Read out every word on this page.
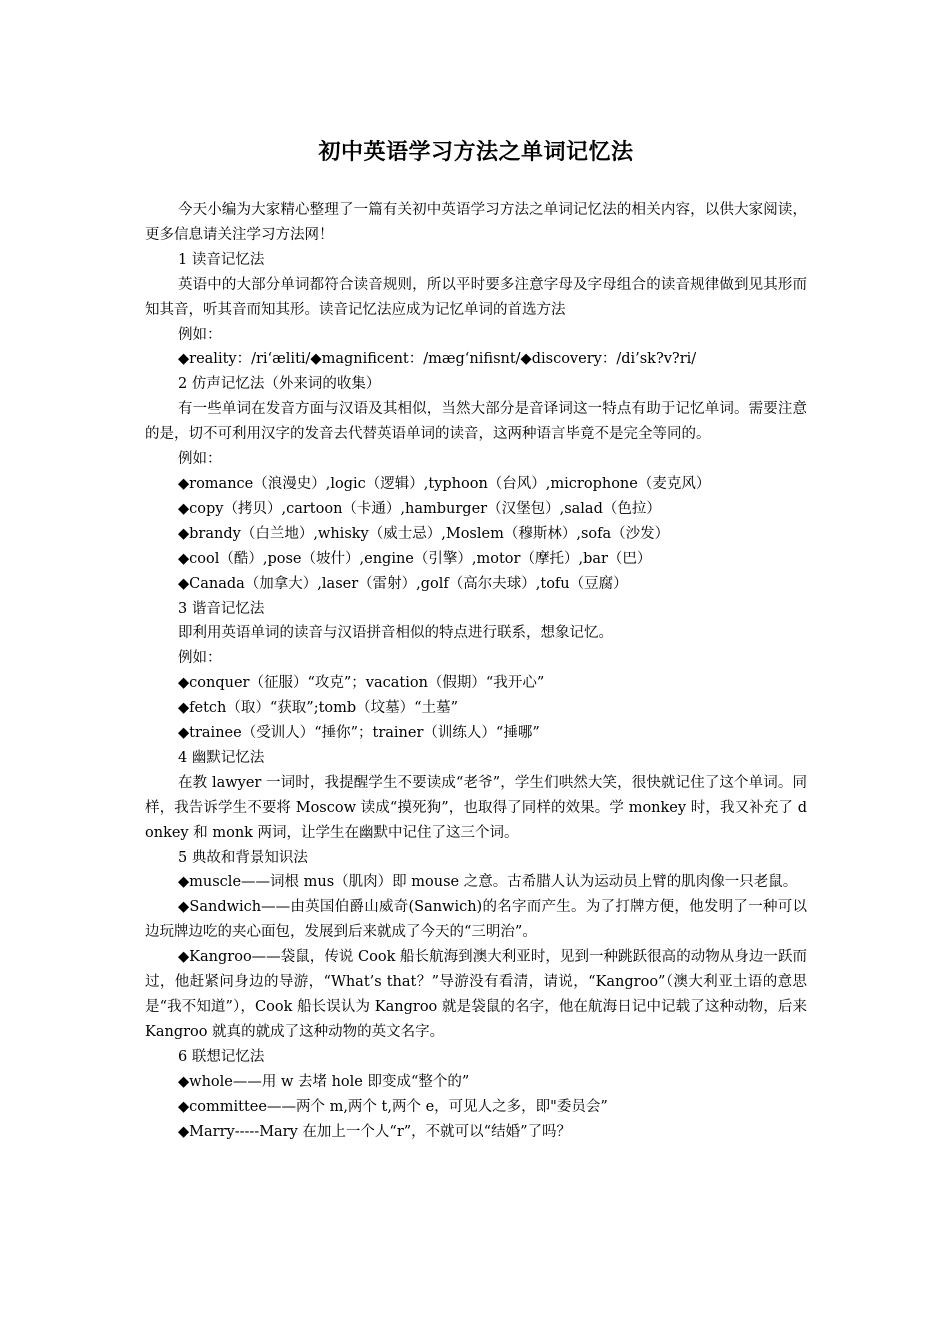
初中英语学习方法之单词记忆法

今天小编为大家精心整理了一篇有关初中英语学习方法之单词记忆法的相关内容，以供大家阅读，更多信息请关注学习方法网！

1 读音记忆法

英语中的大部分单词都符合读音规则，所以平时要多注意字母及字母组合的读音规律做到见其形而知其音，听其音而知其形。读音记忆法应成为记忆单词的首选方法

例如：

◆reality：/ri‘æliti/◆magnificent：/mæg‘nifisnt/◆discovery：/di’sk?v?ri/

2 仿声记忆法（外来词的收集）

有一些单词在发音方面与汉语及其相似，当然大部分是音译词这一特点有助于记忆单词。需要注意的是，切不可利用汉字的发音去代替英语单词的读音，这两种语言毕竟不是完全等同的。

例如：

◆romance（浪漫史）,logic（逻辑）,typhoon（台风）,microphone（麦克风）

◆copy（拷贝）,cartoon（卡通）,hamburger（汉堡包）,salad（色拉）

◆brandy（白兰地）,whisky（威士忌）,Moslem（穆斯林）,sofa（沙发）

◆cool（酷）,pose（坡什）,engine（引擎）,motor（摩托）,bar（巴）

◆Canada（加拿大）,laser（雷射）,golf（高尔夫球）,tofu（豆腐）

3 谐音记忆法

即利用英语单词的读音与汉语拼音相似的特点进行联系，想象记忆。

例如：

◆conquer（征服）“攻克”；vacation（假期）“我开心”

◆fetch（取）“获取”;tomb（坟墓）“土墓”

◆trainee（受训人）“捶你”；trainer（训练人）“捶哪”

4 幽默记忆法

在教 lawyer 一词时，我提醒学生不要读成“老爷”，学生们哄然大笑，很快就记住了这个单词。同样，我告诉学生不要将 Moscow 读成“摸死狗”，也取得了同样的效果。学 monkey 时，我又补充了 donkey 和 monk 两词，让学生在幽默中记住了这三个词。

5 典故和背景知识法

◆muscle——词根 mus（肌肉）即 mouse 之意。古希腊人认为运动员上臂的肌肉像一只老鼠。

◆Sandwich——由英国伯爵山威奇(Sanwich)的名字而产生。为了打牌方便，他发明了一种可以边玩牌边吃的夹心面包，发展到后来就成了今天的“三明治”。

◆Kangroo——袋鼠，传说 Cook 船长航海到澳大利亚时，见到一种跳跃很高的动物从身边一跃而过，他赶紧问身边的导游，“What’s that？”导游没有看清，请说，“Kangroo”（澳大利亚土语的意思是“我不知道”），Cook 船长误认为 Kangroo 就是袋鼠的名字，他在航海日记中记载了这种动物，后来 Kangroo 就真的就成了这种动物的英文名字。

6 联想记忆法

◆whole——用 w 去堵 hole 即变成“整个的”

◆committee——两个 m,两个 t,两个 e，可见人之多，即"委员会”

◆Marry-----Mary 在加上一个人“r”，不就可以“结婚”了吗？
